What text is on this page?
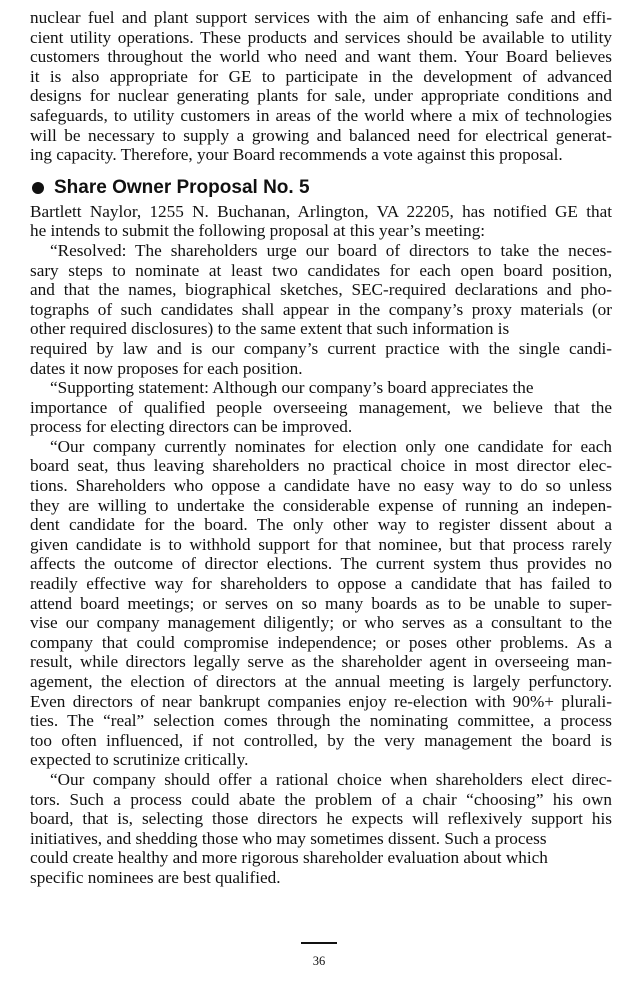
nuclear fuel and plant support services with the aim of enhancing safe and effi-
cient utility operations. These products and services should be available to utility
customers throughout the world who need and want them. Your Board believes
it is also appropriate for GE to participate in the development of advanced
designs for nuclear generating plants for sale, under appropriate conditions and
safeguards, to utility customers in areas of the world where a mix of technologies
will be necessary to supply a growing and balanced need for electrical generat-
ing capacity. Therefore, your Board recommends a vote against this proposal.
Share Owner Proposal No. 5
Bartlett Naylor, 1255 N. Buchanan, Arlington, VA 22205, has notified GE that
he intends to submit the following proposal at this year’s meeting:
“Resolved: The shareholders urge our board of directors to take the neces-
sary steps to nominate at least two candidates for each open board position,
and that the names, biographical sketches, SEC-required declarations and pho-
tographs of such candidates shall appear in the company’s proxy materials (or
other required disclosures) to the same extent that such information is
required by law and is our company’s current practice with the single candi-
dates it now proposes for each position.
“Supporting statement: Although our company’s board appreciates the
importance of qualified people overseeing management, we believe that the
process for electing directors can be improved.
“Our company currently nominates for election only one candidate for each
board seat, thus leaving shareholders no practical choice in most director elec-
tions. Shareholders who oppose a candidate have no easy way to do so unless
they are willing to undertake the considerable expense of running an indepen-
dent candidate for the board. The only other way to register dissent about a
given candidate is to withhold support for that nominee, but that process rarely
affects the outcome of director elections. The current system thus provides no
readily effective way for shareholders to oppose a candidate that has failed to
attend board meetings; or serves on so many boards as to be unable to super-
vise our company management diligently; or who serves as a consultant to the
company that could compromise independence; or poses other problems. As a
result, while directors legally serve as the shareholder agent in overseeing man-
agement, the election of directors at the annual meeting is largely perfunctory.
Even directors of near bankrupt companies enjoy re-election with 90%+ plurali-
ties. The “real” selection comes through the nominating committee, a process
too often influenced, if not controlled, by the very management the board is
expected to scrutinize critically.
“Our company should offer a rational choice when shareholders elect direc-
tors. Such a process could abate the problem of a chair “choosing” his own
board, that is, selecting those directors he expects will reflexively support his
initiatives, and shedding those who may sometimes dissent. Such a process
could create healthy and more rigorous shareholder evaluation about which
specific nominees are best qualified.
36
